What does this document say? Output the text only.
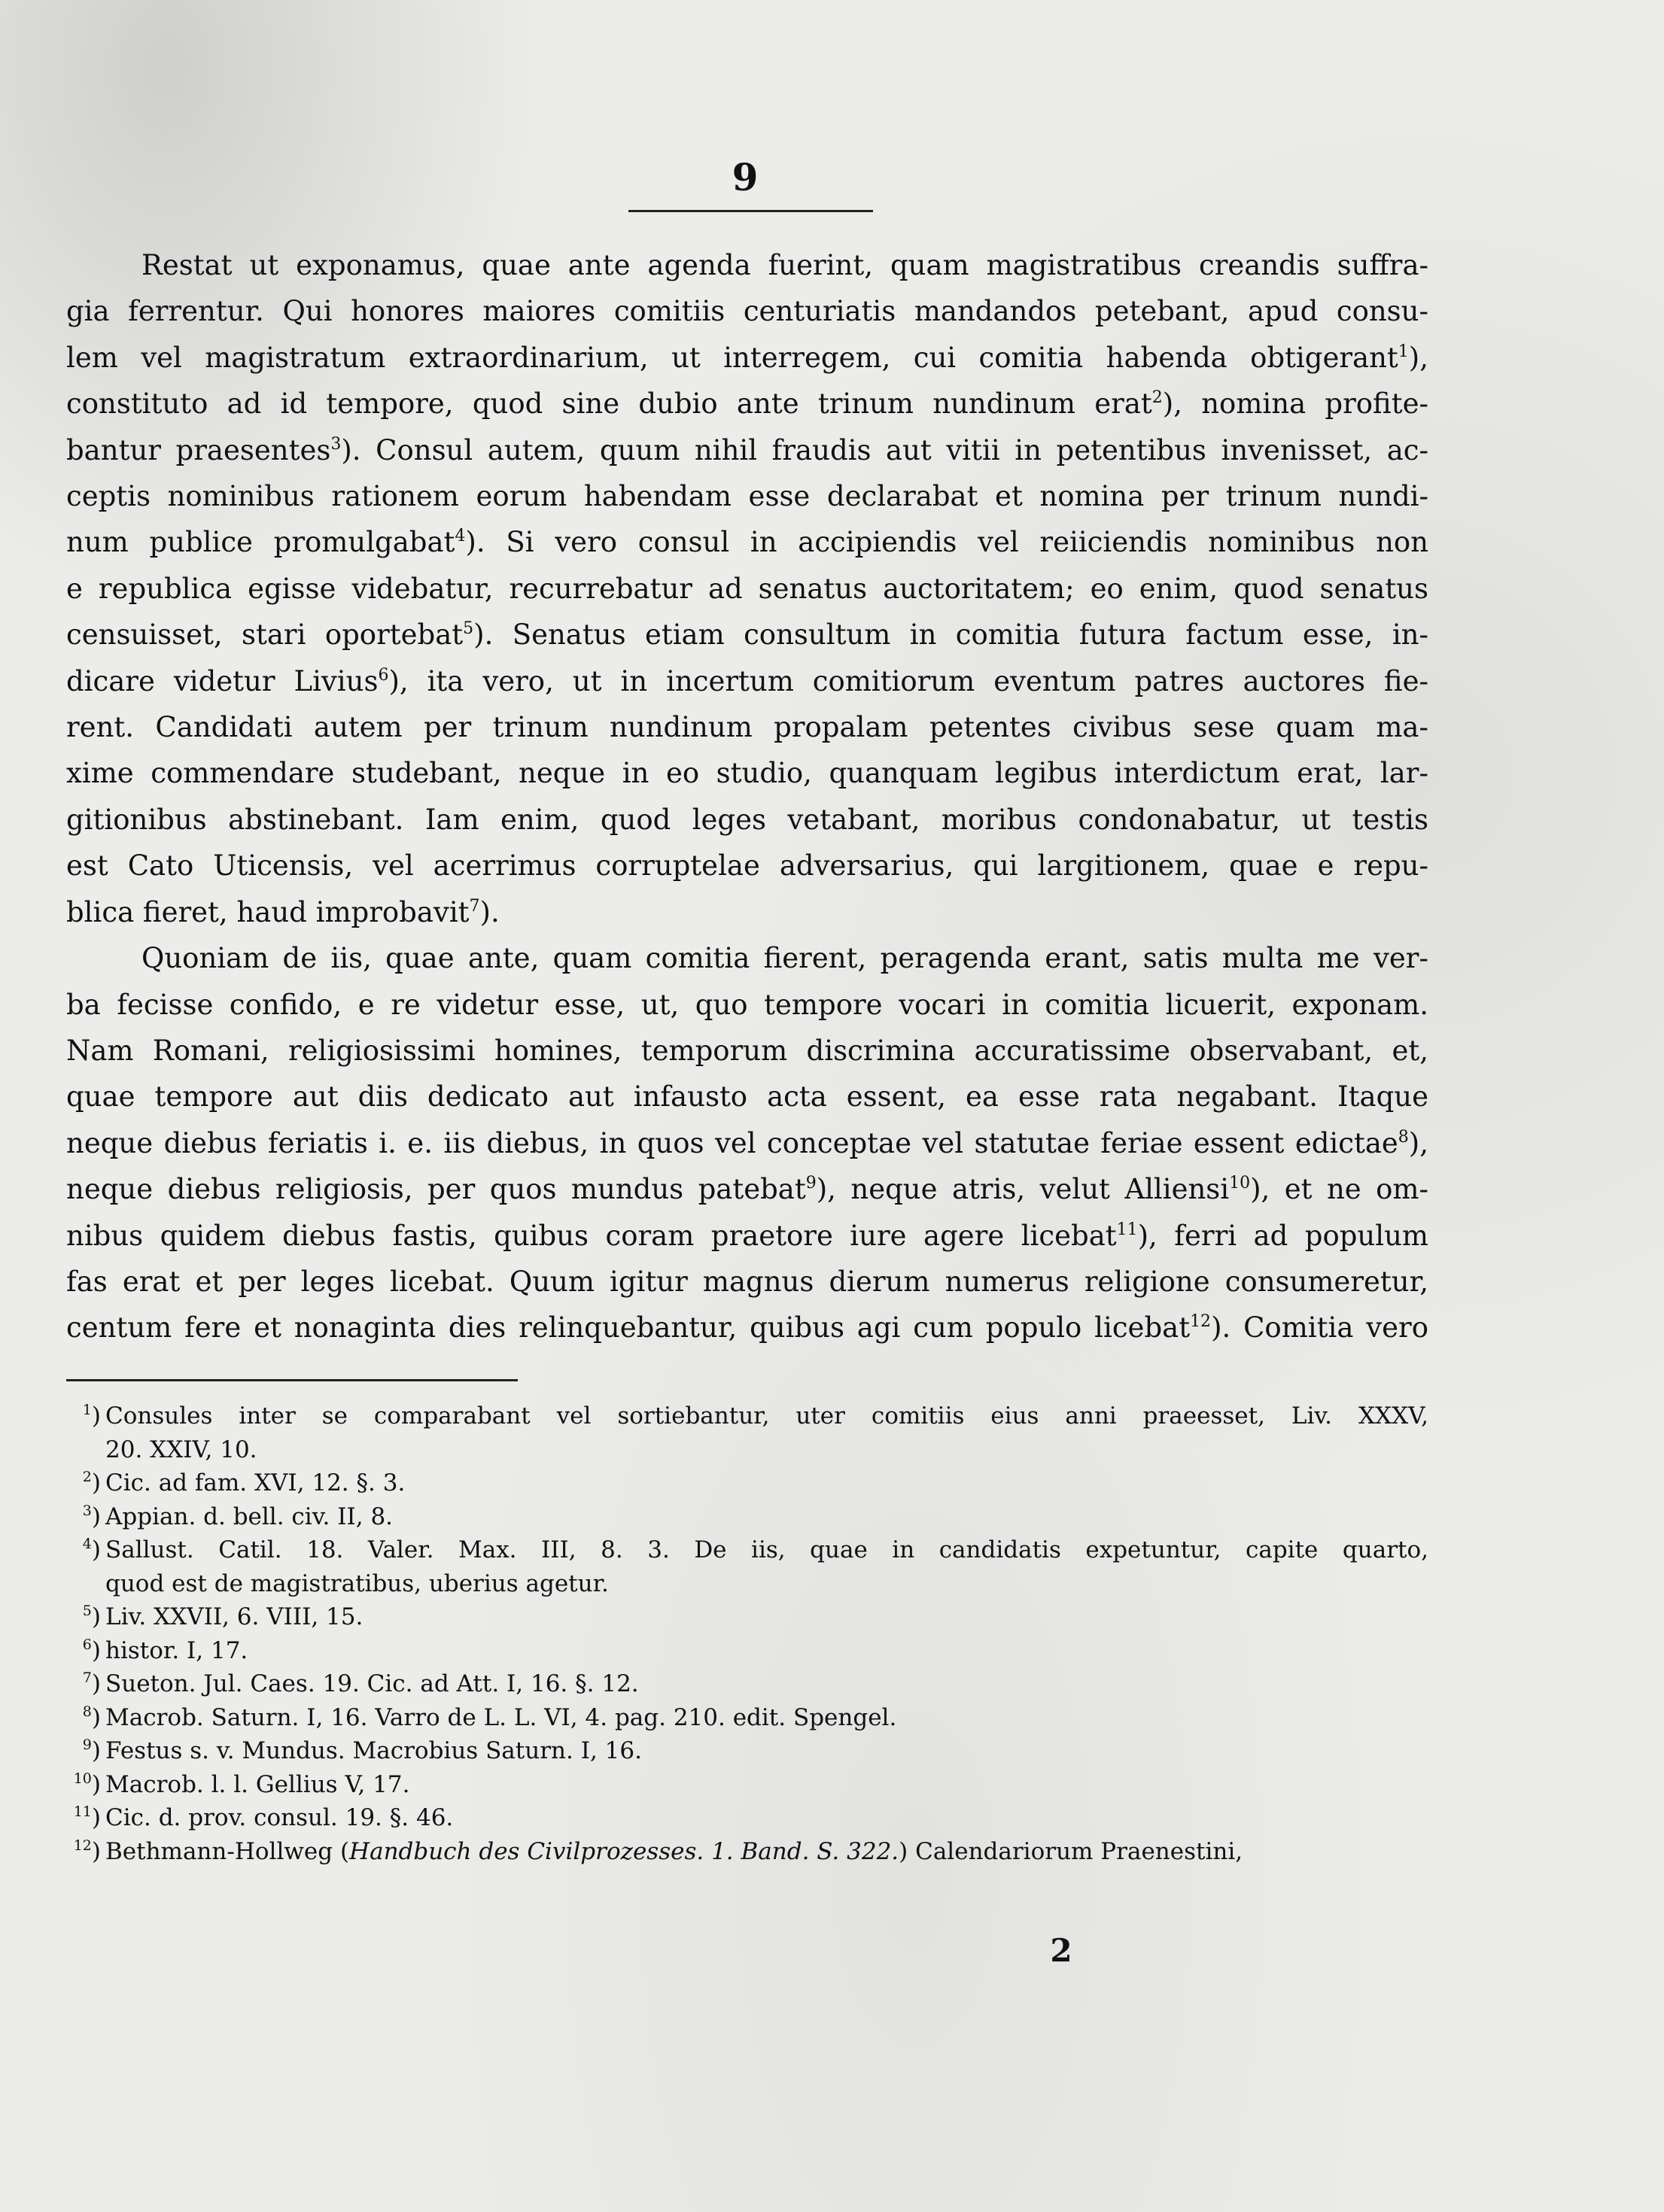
9
Restat ut exponamus, quae ante agenda fuerint, quam magistratibus creandis suffra-
gia ferrentur. Qui honores maiores comitiis centuriatis mandandos petebant, apud consu-
lem vel magistratum extraordinarium, ut interregem, cui comitia habenda obtigerant$^1$),
constituto ad id tempore, quod sine dubio ante trinum nundinum erat$^2$), nomina profite-
bantur praesentes$^3$). Consul autem, quum nihil fraudis aut vitii in petentibus invenisset, ac-
ceptis nominibus rationem eorum habendam esse declarabat et nomina per trinum nundi-
num publice promulgabat$^4$). Si vero consul in accipiendis vel reiiciendis nominibus non
e republica egisse videbatur, recurrebatur ad senatus auctoritatem; eo enim, quod senatus
censuisset, stari oportebat$^5$). Senatus etiam consultum in comitia futura factum esse, in-
dicare videtur Livius$^6$), ita vero, ut in incertum comitiorum eventum patres auctores fie-
rent. Candidati autem per trinum nundinum propalam petentes civibus sese quam ma-
xime commendare studebant, neque in eo studio, quanquam legibus interdictum erat, lar-
gitionibus abstinebant. Iam enim, quod leges vetabant, moribus condonabatur, ut testis
est Cato Uticensis, vel acerrimus corruptelae adversarius, qui largitionem, quae e repu-
blica fieret, haud improbavit$^7$).
Quoniam de iis, quae ante, quam comitia fierent, peragenda erant, satis multa me ver-
ba fecisse confido, e re videtur esse, ut, quo tempore vocari in comitia licuerit, exponam.
Nam Romani, religiosissimi homines, temporum discrimina accuratissime observabant, et,
quae tempore aut diis dedicato aut infausto acta essent, ea esse rata negabant. Itaque
neque diebus feriatis i. e. iis diebus, in quos vel conceptae vel statutae feriae essent edictae$^8$),
neque diebus religiosis, per quos mundus patebat$^9$), neque atris, velut Alliensi$^{10}$), et ne om-
nibus quidem diebus fastis, quibus coram praetore iure agere licebat$^{11}$), ferri ad populum
fas erat et per leges licebat. Quum igitur magnus dierum numerus religione consumeretur,
centum fere et nonaginta dies relinquebantur, quibus agi cum populo licebat$^{12}$). Comitia vero
$^1$) Consules inter se comparabant vel sortiebantur, uter comitiis eius anni praeesset, Liv. XXXV,
20. XXIV, 10.
$^2$) Cic. ad fam. XVI, 12. §. 3.
$^3$) Appian. d. bell. civ. II, 8.
$^4$) Sallust. Catil. 18. Valer. Max. III, 8. 3. De iis, quae in candidatis expetuntur, capite quarto,
quod est de magistratibus, uberius agetur.
$^5$) Liv. XXVII, 6. VIII, 15.
$^6$) histor. I, 17.
$^7$) Sueton. Jul. Caes. 19. Cic. ad Att. I, 16. §. 12.
$^8$) Macrob. Saturn. I, 16. Varro de L. L. VI, 4. pag. 210. edit. Spengel.
$^9$) Festus s. v. Mundus. Macrobius Saturn. I, 16.
$^{10}$) Macrob. l. l. Gellius V, 17.
$^{11}$) Cic. d. prov. consul. 19. §. 46.
$^{12}$) Bethmann-Hollweg (Handbuch des Civilprozesses. 1. Band. S. 322.) Calendariorum Praenestini,
2
